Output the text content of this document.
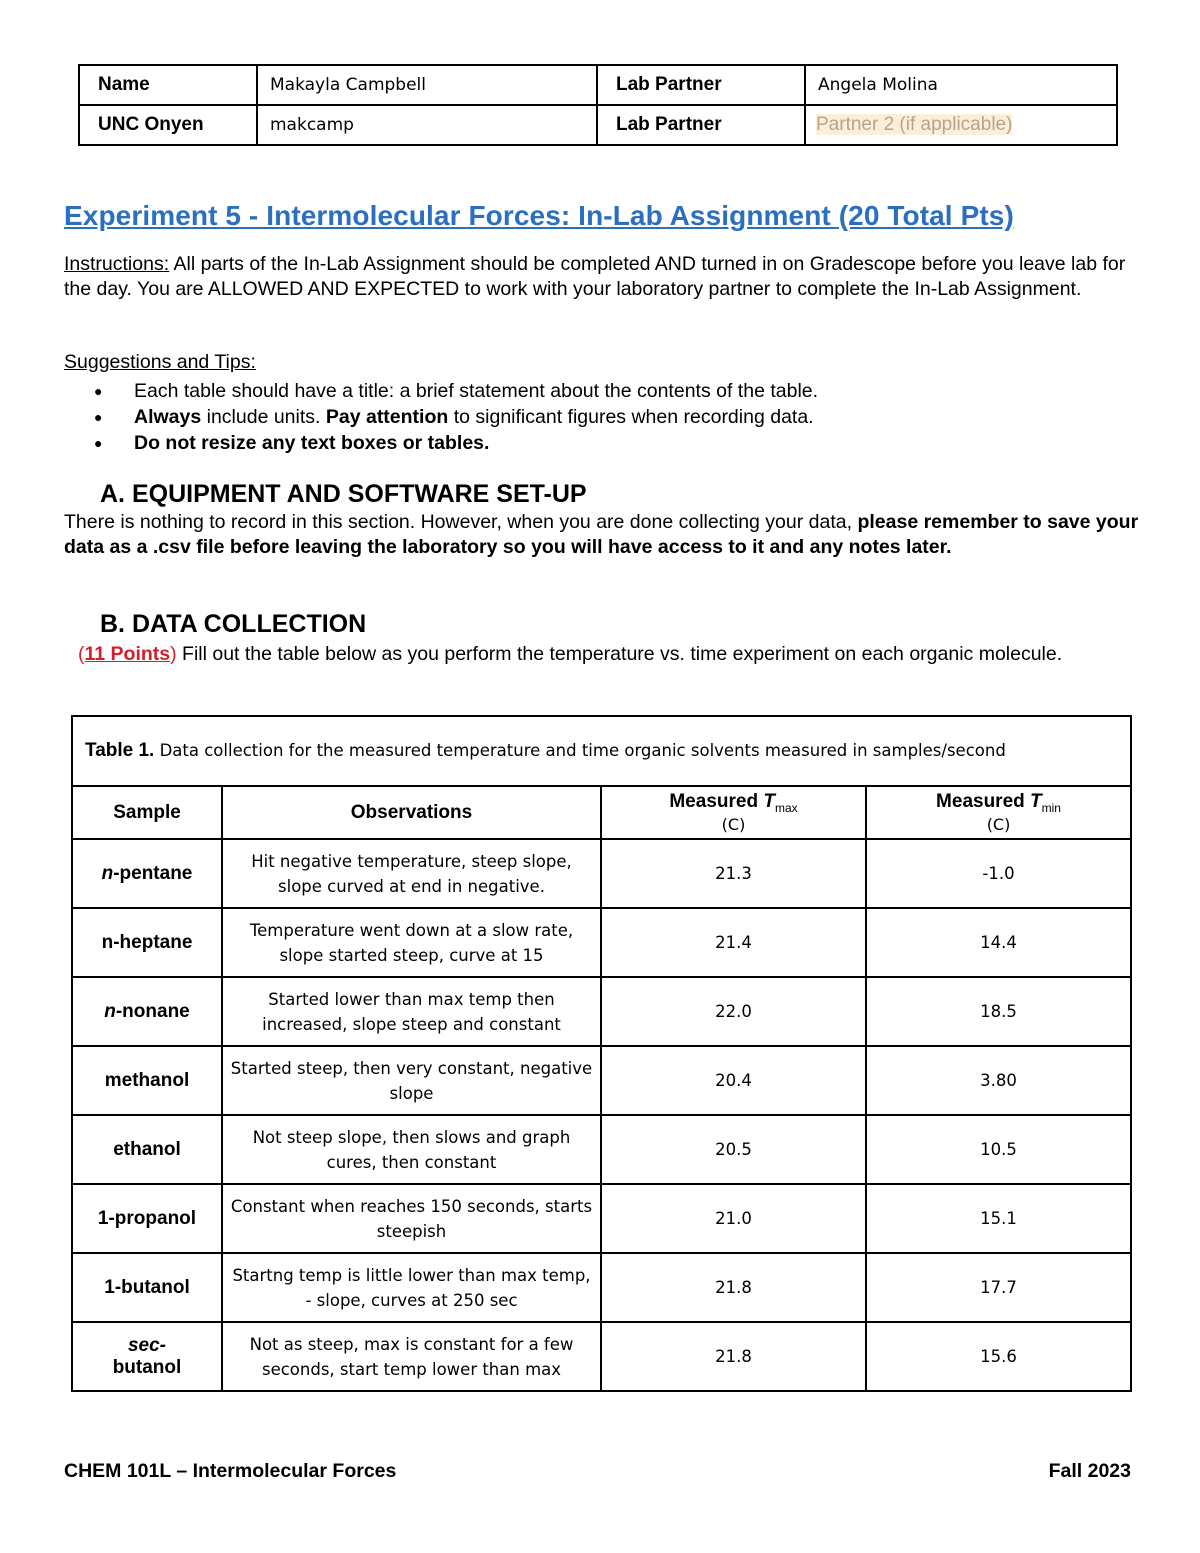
Name	Makayla Campbell	Lab Partner	Angela Molina
UNC Onyen	makcamp	Lab Partner	Partner 2 (if applicable)
Experiment 5 - Intermolecular Forces: In-Lab Assignment (20 Total Pts)

Instructions: All parts of the In-Lab Assignment should be completed AND turned in on Gradescope before you leave lab for the day. You are ALLOWED AND EXPECTED to work with your laboratory partner to complete the In-Lab Assignment.

Suggestions and Tips:

● Each table should have a title: a brief statement about the contents of the table.
● Always include units. Pay attention to significant figures when recording data.
● Do not resize any text boxes or tables.
A. EQUIPMENT AND SOFTWARE SET-UP

There is nothing to record in this section. However, when you are done collecting your data, please remember to save your data as a .csv file before leaving the laboratory so you will have access to it and any notes later.

B. DATA COLLECTION

(11 Points) Fill out the table below as you perform the temperature vs. time experiment on each organic molecule.

Table 1. Data collection for the measured temperature and time organic solvents measured in samples/second			
Sample	Observations	Measured $T_{max}$
(C)	Measured $T_{min}$
(C)

n-pentane	Hit negative temperature, steep slope, slope curved at end in negative.	21.3	-1.0
n-heptane	Temperature went down at a slow rate, slope started steep, curve at 15	21.4	14.4
n-nonane	Started lower than max temp then increased, slope steep and constant	22.0	18.5
methanol	Started steep, then very constant, negative slope	20.4	3.80
ethanol	Not steep slope, then slows and graph cures, then constant	20.5	10.5
1-propanol	Constant when reaches 150 seconds, starts steepish	21.0	15.1
1-butanol	Startng temp is little lower than max temp, - slope, curves at 250 sec	21.8	17.7
sec-
butanol	Not as steep, max is constant for a few seconds, start temp lower than max	21.8	15.6
CHEM 101L – Intermolecular Forces	Fall 2023
